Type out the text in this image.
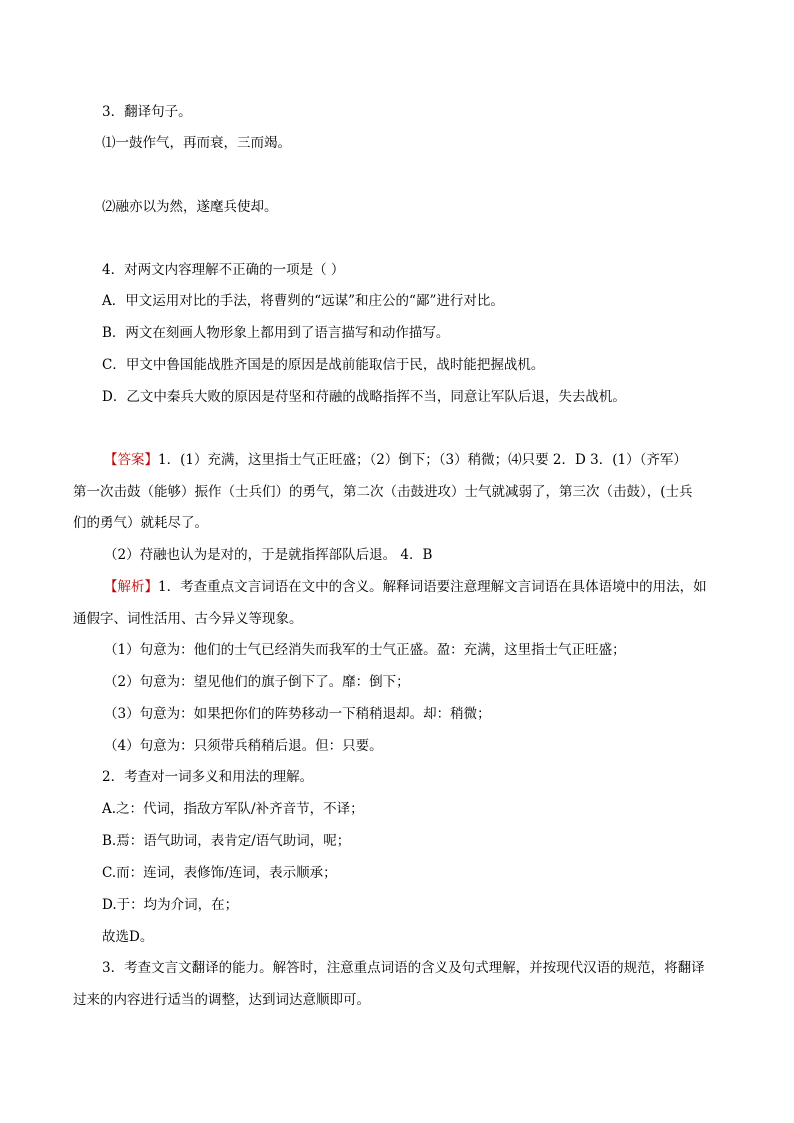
3．翻译句子。
⑴一鼓作气，再而衰，三而竭。
⑵融亦以为然，遂麾兵使却。
4．对两文内容理解不正确的一项是（ ）
A．甲文运用对比的手法，将曹刿的“远谋”和庄公的“鄙”进行对比。
B．两文在刻画人物形象上都用到了语言描写和动作描写。
C．甲文中鲁国能战胜齐国是的原因是战前能取信于民，战时能把握战机。
D．乙文中秦兵大败的原因是苻坚和苻融的战略指挥不当，同意让军队后退，失去战机。
【答案】1．(1）充满，这里指士气正旺盛；（2）倒下；（3）稍微；⑷只要 2．D 3．(1）（齐军）
第一次击鼓（能够）振作（士兵们）的勇气，第二次（击鼓进攻）士气就减弱了，第三次（击鼓），(士兵
们的勇气）就耗尽了。
（2）苻融也认为是对的，于是就指挥部队后退。 4．B
【解析】1．考查重点文言词语在文中的含义。解释词语要注意理解文言词语在具体语境中的用法，如
通假字、词性活用、古今异义等现象。
（1）句意为：他们的士气已经消失而我军的士气正盛。盈：充满，这里指士气正旺盛；
（2）句意为：望见他们的旗子倒下了。靡：倒下；
（3）句意为：如果把你们的阵势移动一下稍稍退却。却：稍微；
（4）句意为：只须带兵稍稍后退。但：只要。
2．考查对一词多义和用法的理解。
A.之：代词，指敌方军队/补齐音节，不译；
B.焉：语气助词，表肯定/语气助词，呢；
C.而：连词，表修饰/连词，表示顺承；
D.于：均为介词，在；
故选D。
3．考查文言文翻译的能力。解答时，注意重点词语的含义及句式理解，并按现代汉语的规范，将翻译
过来的内容进行适当的调整，达到词达意顺即可。
